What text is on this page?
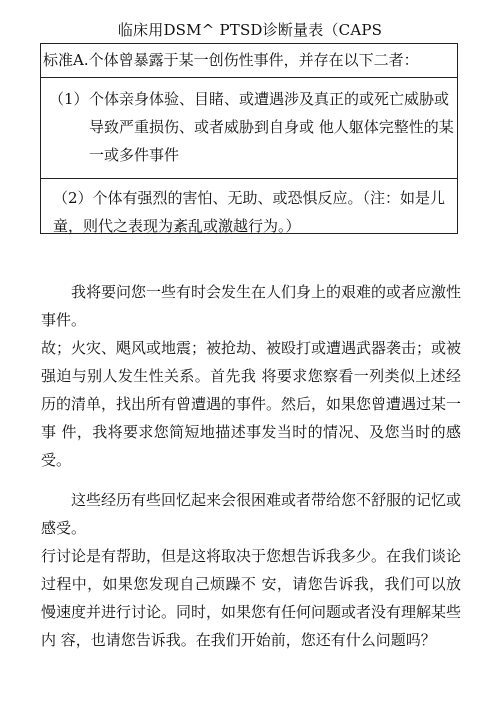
临床用DSM^ PTSD诊断量表（CAPS
标准A.个体曾暴露于某一创伤性事件，并存在以下二者：
（1） 个体亲身体验、目睹、或遭遇涉及真正的或死亡威胁或导致严重损伤、或者威胁到自身或 他人躯体完整性的某一或多件事件
（2）个体有强烈的害怕、无助、或恐惧反应。（注：如是儿童，则代之表现为紊乱或激越行为。）

我将要问您一些有时会发生在人们身上的艰难的或者应激性事件。

故；火灾、飓风或地震；被抢劫、被殴打或遭遇武器袭击；或被强迫与别人发生性关系。首先我 将要求您察看一列类似上述经历的清单，找出所有曾遭遇的事件。然后，如果您曾遭遇过某一事 件，我将要求您简短地描述事发当时的情况、及您当时的感受。

这些经历有些回忆起来会很困难或者带给您不舒服的记忆或感受。

行讨论是有帮助，但是这将取决于您想告诉我多少。在我们谈论过程中，如果您发现自己烦躁不 安，请您告诉我，我们可以放慢速度并进行讨论。同时，如果您有任何问题或者没有理解某些内 容，也请您告诉我。在我们开始前，您还有什么问题吗？
